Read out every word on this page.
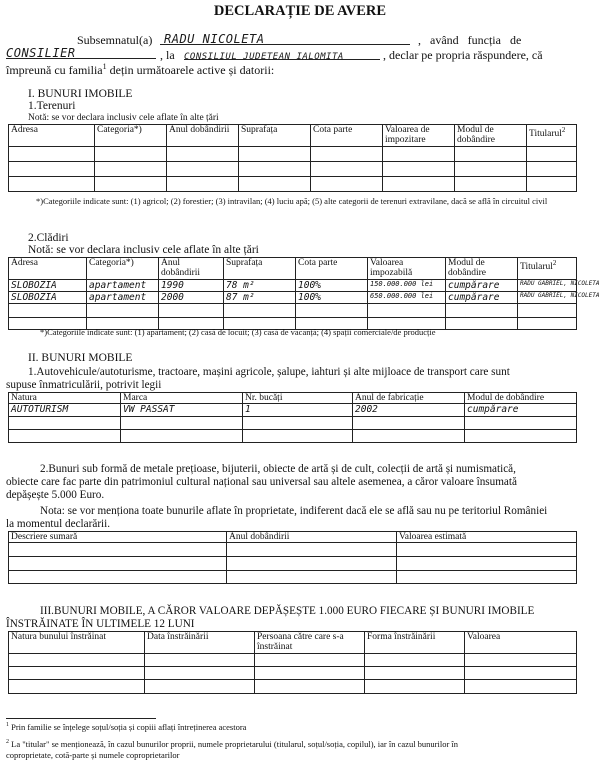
DECLARAȚIE DE AVERE
Subsemnatul(a) RADU NICOLETA	, având funcția de
CONSILIER	, la CONSILIUL JUDETEAN IALOMITA	, declar pe propria răspundere, că
împreună cu familia$^1$ dețin următoarele active și datorii:
I. BUNURI IMOBILE
1.Terenuri
Notă: se vor declara inclusiv cele aflate în alte țări
Adresa	Categoria*)	Anul dobândirii	Suprafața	Cota parte	Valoarea de impozitare	Modul de dobândire	Titularul$^2$

*)Categoriile indicate sunt: (1) agricol; (2) forestier; (3) intravilan; (4) luciu apă; (5) alte categorii de terenuri extravilane, dacă se află în circuitul civil
2.Clădiri
Notă: se vor declara inclusiv cele aflate în alte țări
Adresa	Categoria*)	Anul dobândirii	Suprafața	Cota parte	Valoarea impozabilă	Modul de dobândire	Titularul$^2$
SLOBOZIA	apartament	1990	78 m²	100%	150.000.000 lei	cumpărare	RADU GABRIEL, NICOLETA
SLOBOZIA	apartament	2000	87 m²	100%	650.000.000 lei	cumpărare	RADU GABRIEL, NICOLETA

*)Categoriile indicate sunt: (1) apartament; (2) casă de locuit; (3) casă de vacanță; (4) spații comerciale/de producție
II. BUNURI MOBILE
1.Autovehicule/autoturisme, tractoare, mașini agricole, șalupe, iahturi și alte mijloace de transport care sunt
supuse înmatriculării, potrivit legii
Natura	Marca	Nr. bucăți	Anul de fabricație	Modul de dobândire
AUTOTURISM	VW PASSAT	1	2002	cumpărare

2.Bunuri sub formă de metale prețioase, bijuterii, obiecte de artă și de cult, colecții de artă și numismatică,
obiecte care fac parte din patrimoniul cultural național sau universal sau altele asemenea, a căror valoare însumată
depășește 5.000 Euro.
Nota: se vor menționa toate bunurile aflate în proprietate, indiferent dacă ele se află sau nu pe teritoriul României
la momentul declarării.
Descriere sumară	Anul dobândirii	Valoarea estimată

III.BUNURI MOBILE, A CĂROR VALOARE DEPĂȘEȘTE 1.000 EURO FIECARE ȘI BUNURI IMOBILE
ÎNSTRĂINATE ÎN ULTIMELE 12 LUNI
Natura bunului înstrăinat	Data înstrăinării	Persoana către care s-a înstrăinat	Forma înstrăinării	Valoarea

$^1$ Prin familie se înțelege soțul/soția și copiii aflați întreținerea acestora
$^2$ La "titular" se menționează, în cazul bunurilor proprii, numele proprietarului (titularul, soțul/soția, copilul), iar în cazul bunurilor în
coproprietate, cotă-parte și numele coproprietarilor
